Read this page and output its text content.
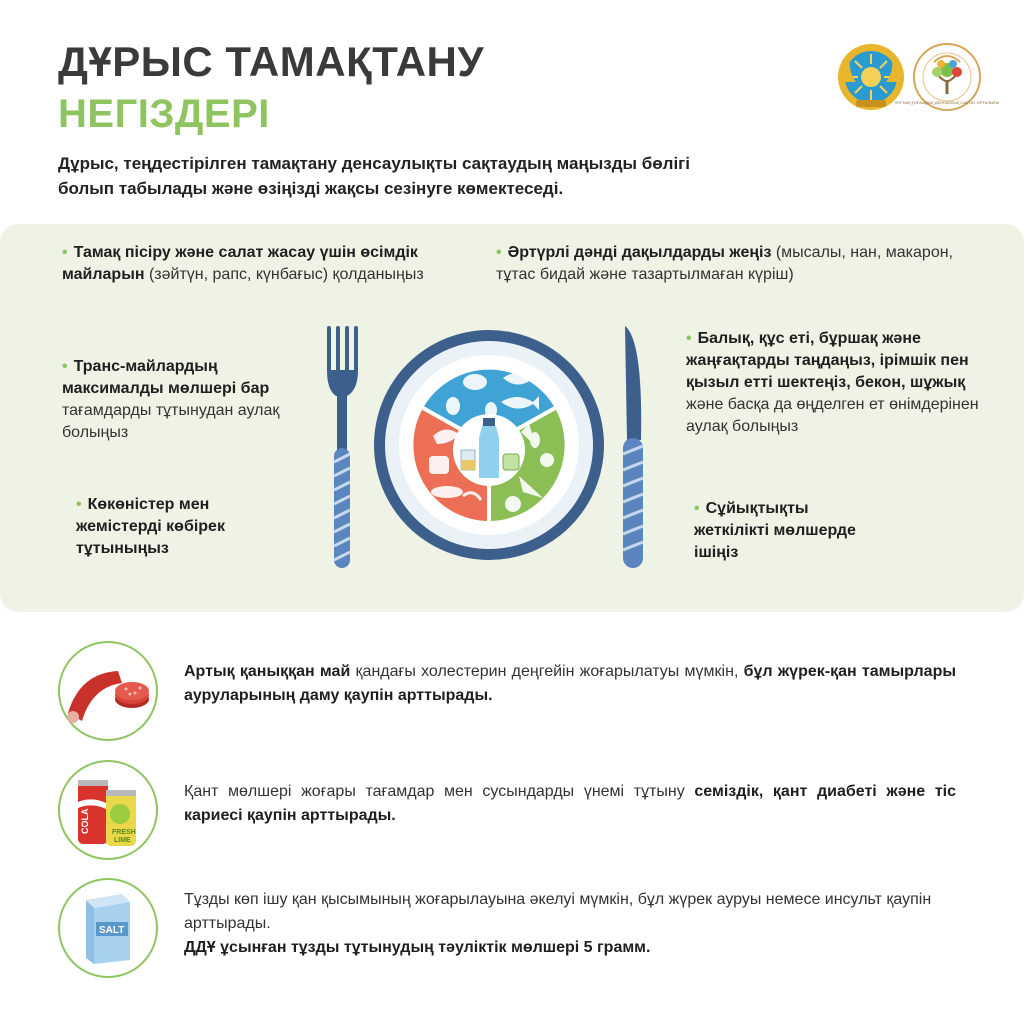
ДҰРЫС ТАМАҚТАНУ
НЕГІЗДЕРІ
Дұрыс, теңдестірілген тамақтану денсаулықты сақтаудың маңызды бөлігі болып табылады және өзіңізді жақсы сезінуге көмектеседі.
ҰЛТТЫҚ ҚОҒАМДЫҚ ДЕНСАУЛЫҚ САҚТАУ ОРТАЛЫҒЫ
• Тамақ пісіру және салат жасау үшін өсімдік майларын (зәйтүн, рапс, күнбағыс) қолданыңыз
• Әртүрлі дәнді дақылдарды жеңіз (мысалы, нан, макарон, тұтас бидай және тазартылмаған күріш)
• Транс-майлардың максималды мөлшері бар тағамдарды тұтынудан аулақ болыңыз
• Балық, құс еті, бұршақ және жаңғақтарды таңдаңыз, ірімшік пен қызыл етті шектеңіз, бекон, шұжық және басқа да өңделген ет өнімдерінен аулақ болыңыз
• Көкөністер мен жемістерді көбірек тұтыныңыз
• Сұйықтықты жеткілікті мөлшерде ішіңіз
Артық қаныққан май қандағы холестерин деңгейін жоғарылатуы мүмкін, бұл жүрек-қан тамырлары ауруларының даму қаупін арттырады.
COLA	FRESH
LIME
Қант мөлшері жоғары тағамдар мен сусындарды үнемі тұтыну семіздік, қант диабеті және тіс кариесі қаупін арттырады.
SALT
Тұзды көп ішу қан қысымының жоғарылауына әкелуі мүмкін, бұл жүрек ауруы немесе инсульт қаупін арттырады.
ДДҰ ұсынған тұзды тұтынудың тәуліктік мөлшері 5 грамм.
